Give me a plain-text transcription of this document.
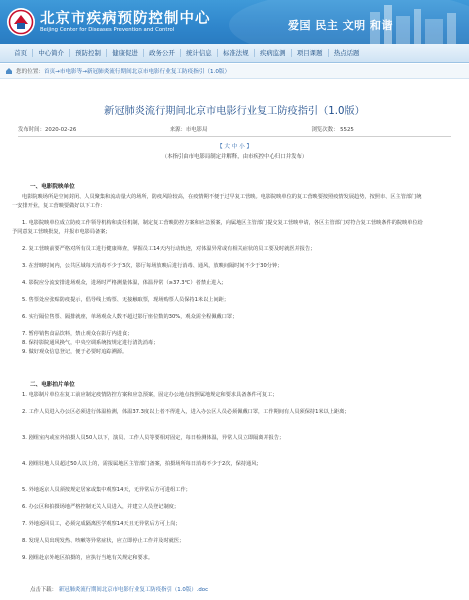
北京市疾病预防控制中心
Beijing Center for Diseases Prevention and Control	爱国 民主 文明 和谐
首页	中心简介	预防控制	健康促进	政务公开	统计信息	标准法规	疾病监测	项目课题	热点话题
您的位置： 首页→市电影等→新冠肺炎流行期间北京市电影行业复工防疫指引（1.0版）
新冠肺炎流行期间北京市电影行业复工防疫指引（1.0版）
发布时间：2020-02-26	来源：市电影局	浏览次数： 5525
【 大 中 小 】
（本指引由市电影局制定并解释，由市疾控中心归口并发布）
一、电影院映单位
电影院映场所是空间封闭、人员聚集和流动量大的场所，防疫风险较高，在疫情期不便于过早复工营映。电影院映单位的复工营映要按照疫情发展趋势，按照市、区主管部门统一安排开业，复工营映要做好以下工作：
1. 电影院映单位成立防疫工作领导机构和责任机制，制定复工营映防控方案和应急预案，向属地区主管部门提交复工营映申请，各区主管部门对符合复工营映条件的院映单位给予同意复工营映批复，并报市电影局备案；
2. 复工营映前要严格对所有员工进行健康筛查，掌握员工14天内行动轨迹，对体温异常或有相关症状的员工要及时就医并报告；
3. 在营映时间内，公共区域每天消毒不少于3次，影厅每场放映后进行消毒、通风，放映间隔时间不少于30分钟；
4. 影院应分流安排进场观众，进场时严格测量体温，体温异常（≥37.3℃）者禁止进入；
5. 售票处应张贴防疫提示，倡导线上购票、无接触取票，现场购票人员保持1米以上间距；
6. 实行隔位售票、隔排就座，单场观众人数不超过影厅座位数的30%，观众需全程佩戴口罩；
7. 暂停销售食品饮料，禁止观众在影厅内进食；
8. 保持影院通风换气，中央空调系统按规定进行清洗消毒；
9. 做好观众信息登记，便于必要时追踪溯源。
二、电影拍片单位
1. 电影制片单位在复工前应制定疫情防控方案和应急预案，固定办公地点按照属地规定和要求具备条件可复工；
2. 工作人员进入办公区必须进行体温检测，体温37.3度以上者不得进入，进入办公区人员必须佩戴口罩，工作期间有人员须保持1米以上距离；
3. 剧组室内或室外拍摄人员50人以下，演员、工作人员等要相对固定，每日检测体温，异常人员立即隔离并报告；
4. 剧组驻地人员超过50人以上的，需报属地区主管部门备案，拍摄场所每日消毒不少于2次，保持通风；
5. 外地返京人员须按规定居家或集中观察14天，无异常后方可进组工作；
6. 办公区和拍摄场地严格控制无关人员进入，并建立人员登记制度；
7. 外地返回员工，必须完成隔离医学观察14天且无异常后方可上岗；
8. 发现人员出现发热、咳嗽等异常症状，应立即停止工作并及时就医；
9. 剧组赴京外地区拍摄的，应执行当地有关规定和要求。
点击下载： 新冠肺炎流行期间北京市电影行业复工防疫指引（1.0版）.doc
